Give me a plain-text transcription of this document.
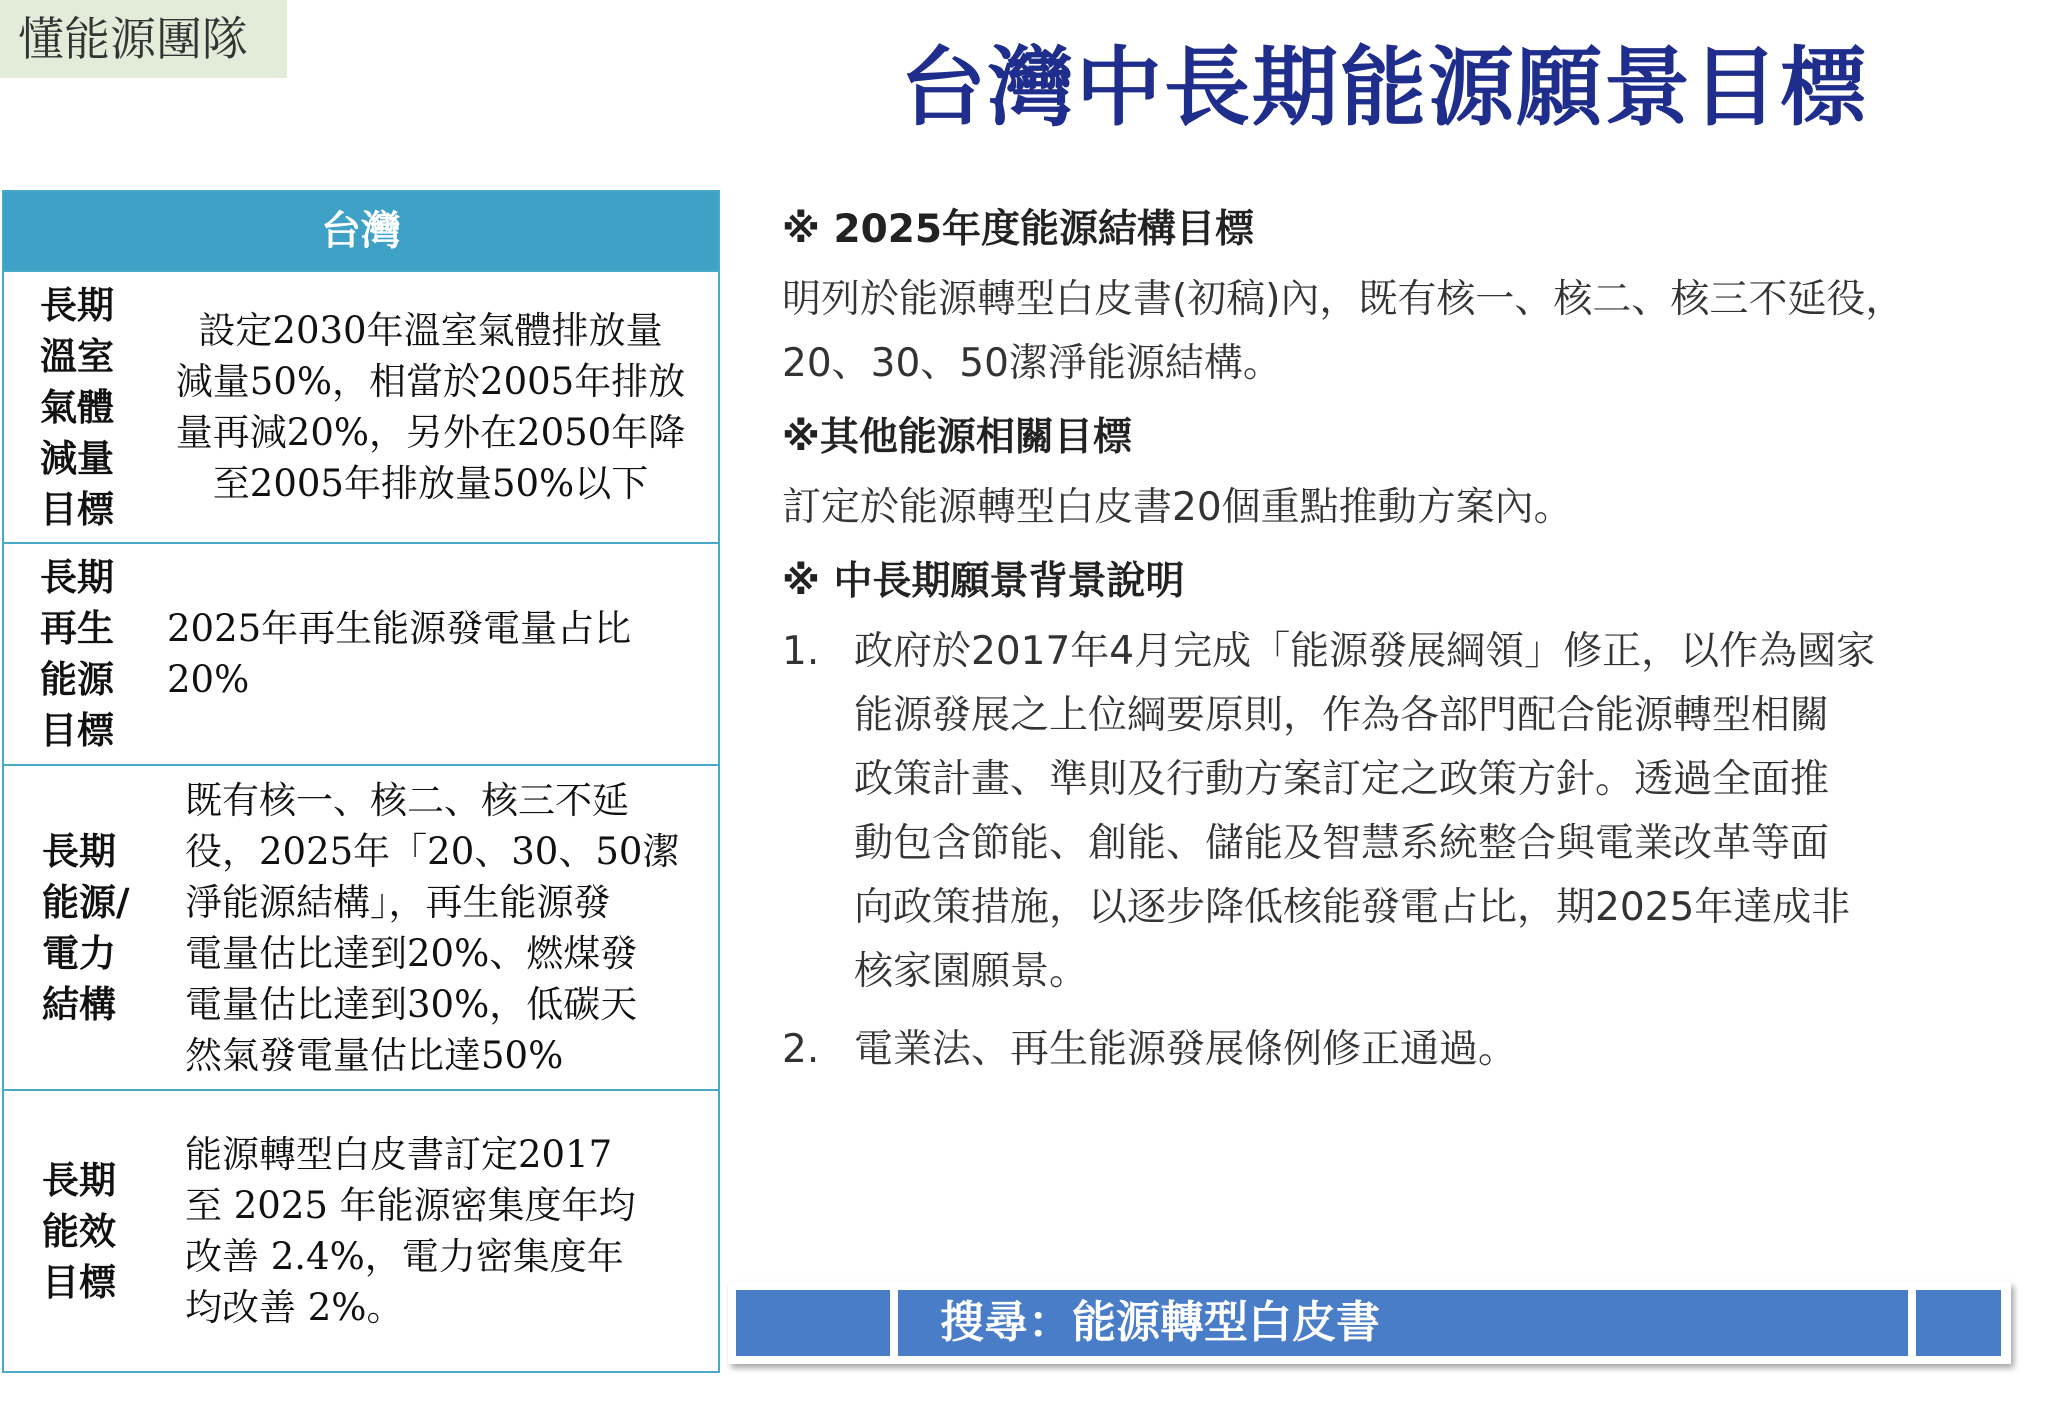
懂能源團隊	台灣中長期能源願景目標
台灣
長期
溫室
氣體
減量
目標
設定2030年溫室氣體排放量
減量50%，相當於2005年排放
量再減20%，另外在2050年降
至2005年排放量50%以下
長期
再生
能源
目標
2025年再生能源發電量占比
20%
長期
能源/
電力
結構
既有核一、核二、核三不延
役，2025年「20、30、50潔
淨能源結構」，再生能源發
電量估比達到20%、燃煤發
電量估比達到30%，低碳天
然氣發電量估比達50%
長期
能效
目標
能源轉型白皮書訂定2017
至 2025 年能源密集度年均
改善 2.4%，電力密集度年
均改善 2%。
※ 2025年度能源結構目標
明列於能源轉型白皮書(初稿)內，既有核一、核二、核三不延役，
20、30、50潔淨能源結構。
※其他能源相關目標
訂定於能源轉型白皮書20個重點推動方案內。
※ 中長期願景背景說明
1. 政府於2017年4月完成「能源發展綱領」修正，以作為國家
能源發展之上位綱要原則，作為各部門配合能源轉型相關
政策計畫、準則及行動方案訂定之政策方針。透過全面推
動包含節能、創能、儲能及智慧系統整合與電業改革等面
向政策措施，以逐步降低核能發電占比，期2025年達成非
核家園願景。
2. 電業法、再生能源發展條例修正通過。
搜尋：能源轉型白皮書
